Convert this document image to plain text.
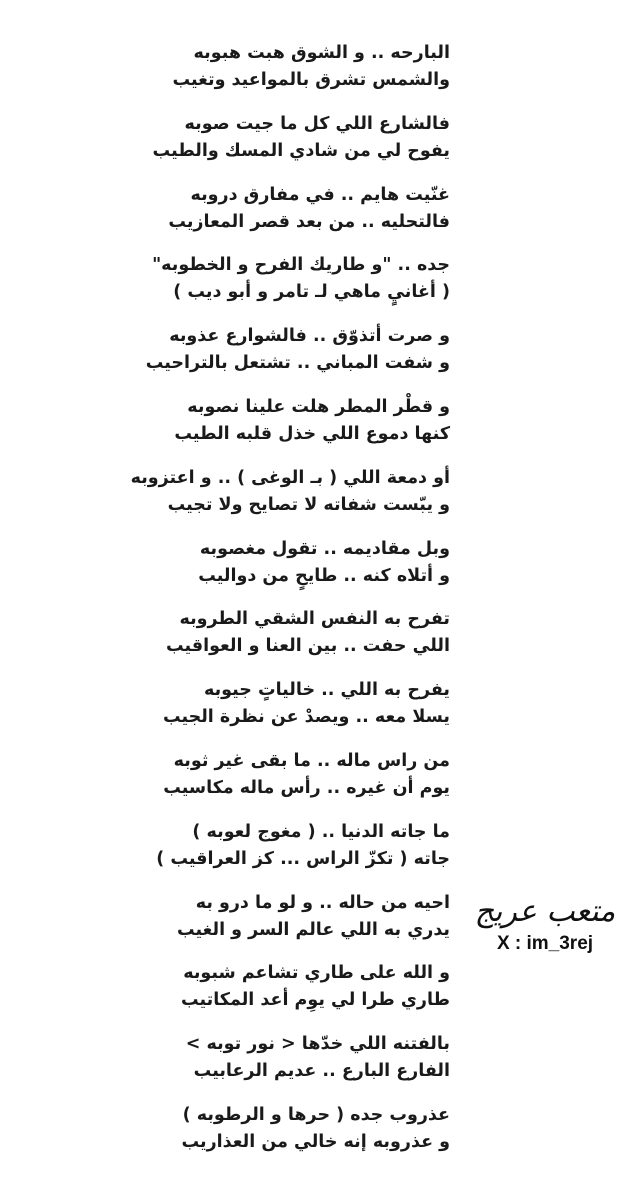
البارحه .. و الشوق هبت هبوبه
والشمس تشرق بالمواعيد وتغيب
فالشارع اللي كل ما جيت صوبه
يفوح لي من شادي المسك والطيب
غنّيت هايم .. في مفارق دروبه
فالتحليه .. من بعد قصر المعازيب
جده .. "و طاريك الفرح و الخطوبه"
( أغانيٍ ماهي لـ تامر و أبو ديب )
و صرت أتذوّق .. فالشوارع عذوبه
و شفت المباني .. تشتعل بالتراحيب
و قطْر المطر هلت علينا نصوبه
كنها دموع اللي خذل قلبه الطيب
أو دمعة اللي ( بـ الوغى ) .. و اعتزوبه
و يبّست شفاته لا تصايح ولا تجيب
وبل مقاديمه .. تقول مغصوبه
و أتلاه كنه .. طايحٍ من دواليب
تفرح به النفس الشقي الطروبه
اللي حفت .. بين العنا و العواقيب
يفرح به اللي .. خالياتٍ جيوبه
يسلا معه .. ويصدْ عن نظرة الجيب
من راس ماله .. ما بقى غير ثوبه
يوم أن غيره .. رأس ماله مكاسيب
ما جاته الدنيا .. ( مغوج لعوبه )
جاته ( تكزّ الراس ... كز العراقيب )
احيه من حاله .. و لو ما درو به
يدري به اللي عالم السر و الغيب
و الله على طاري تشاعم شبوبه
طاري طرا لي يوِم أعد المكاتيب
بالفتنه اللي خدّها < نور توبه >
الفارع البارع .. عديم الرعابيب
عذروب جده ( حرها و الرطوبه )
و عذروبه إنه خالي من العذاريب
متعب عريج
X : im_3rej
